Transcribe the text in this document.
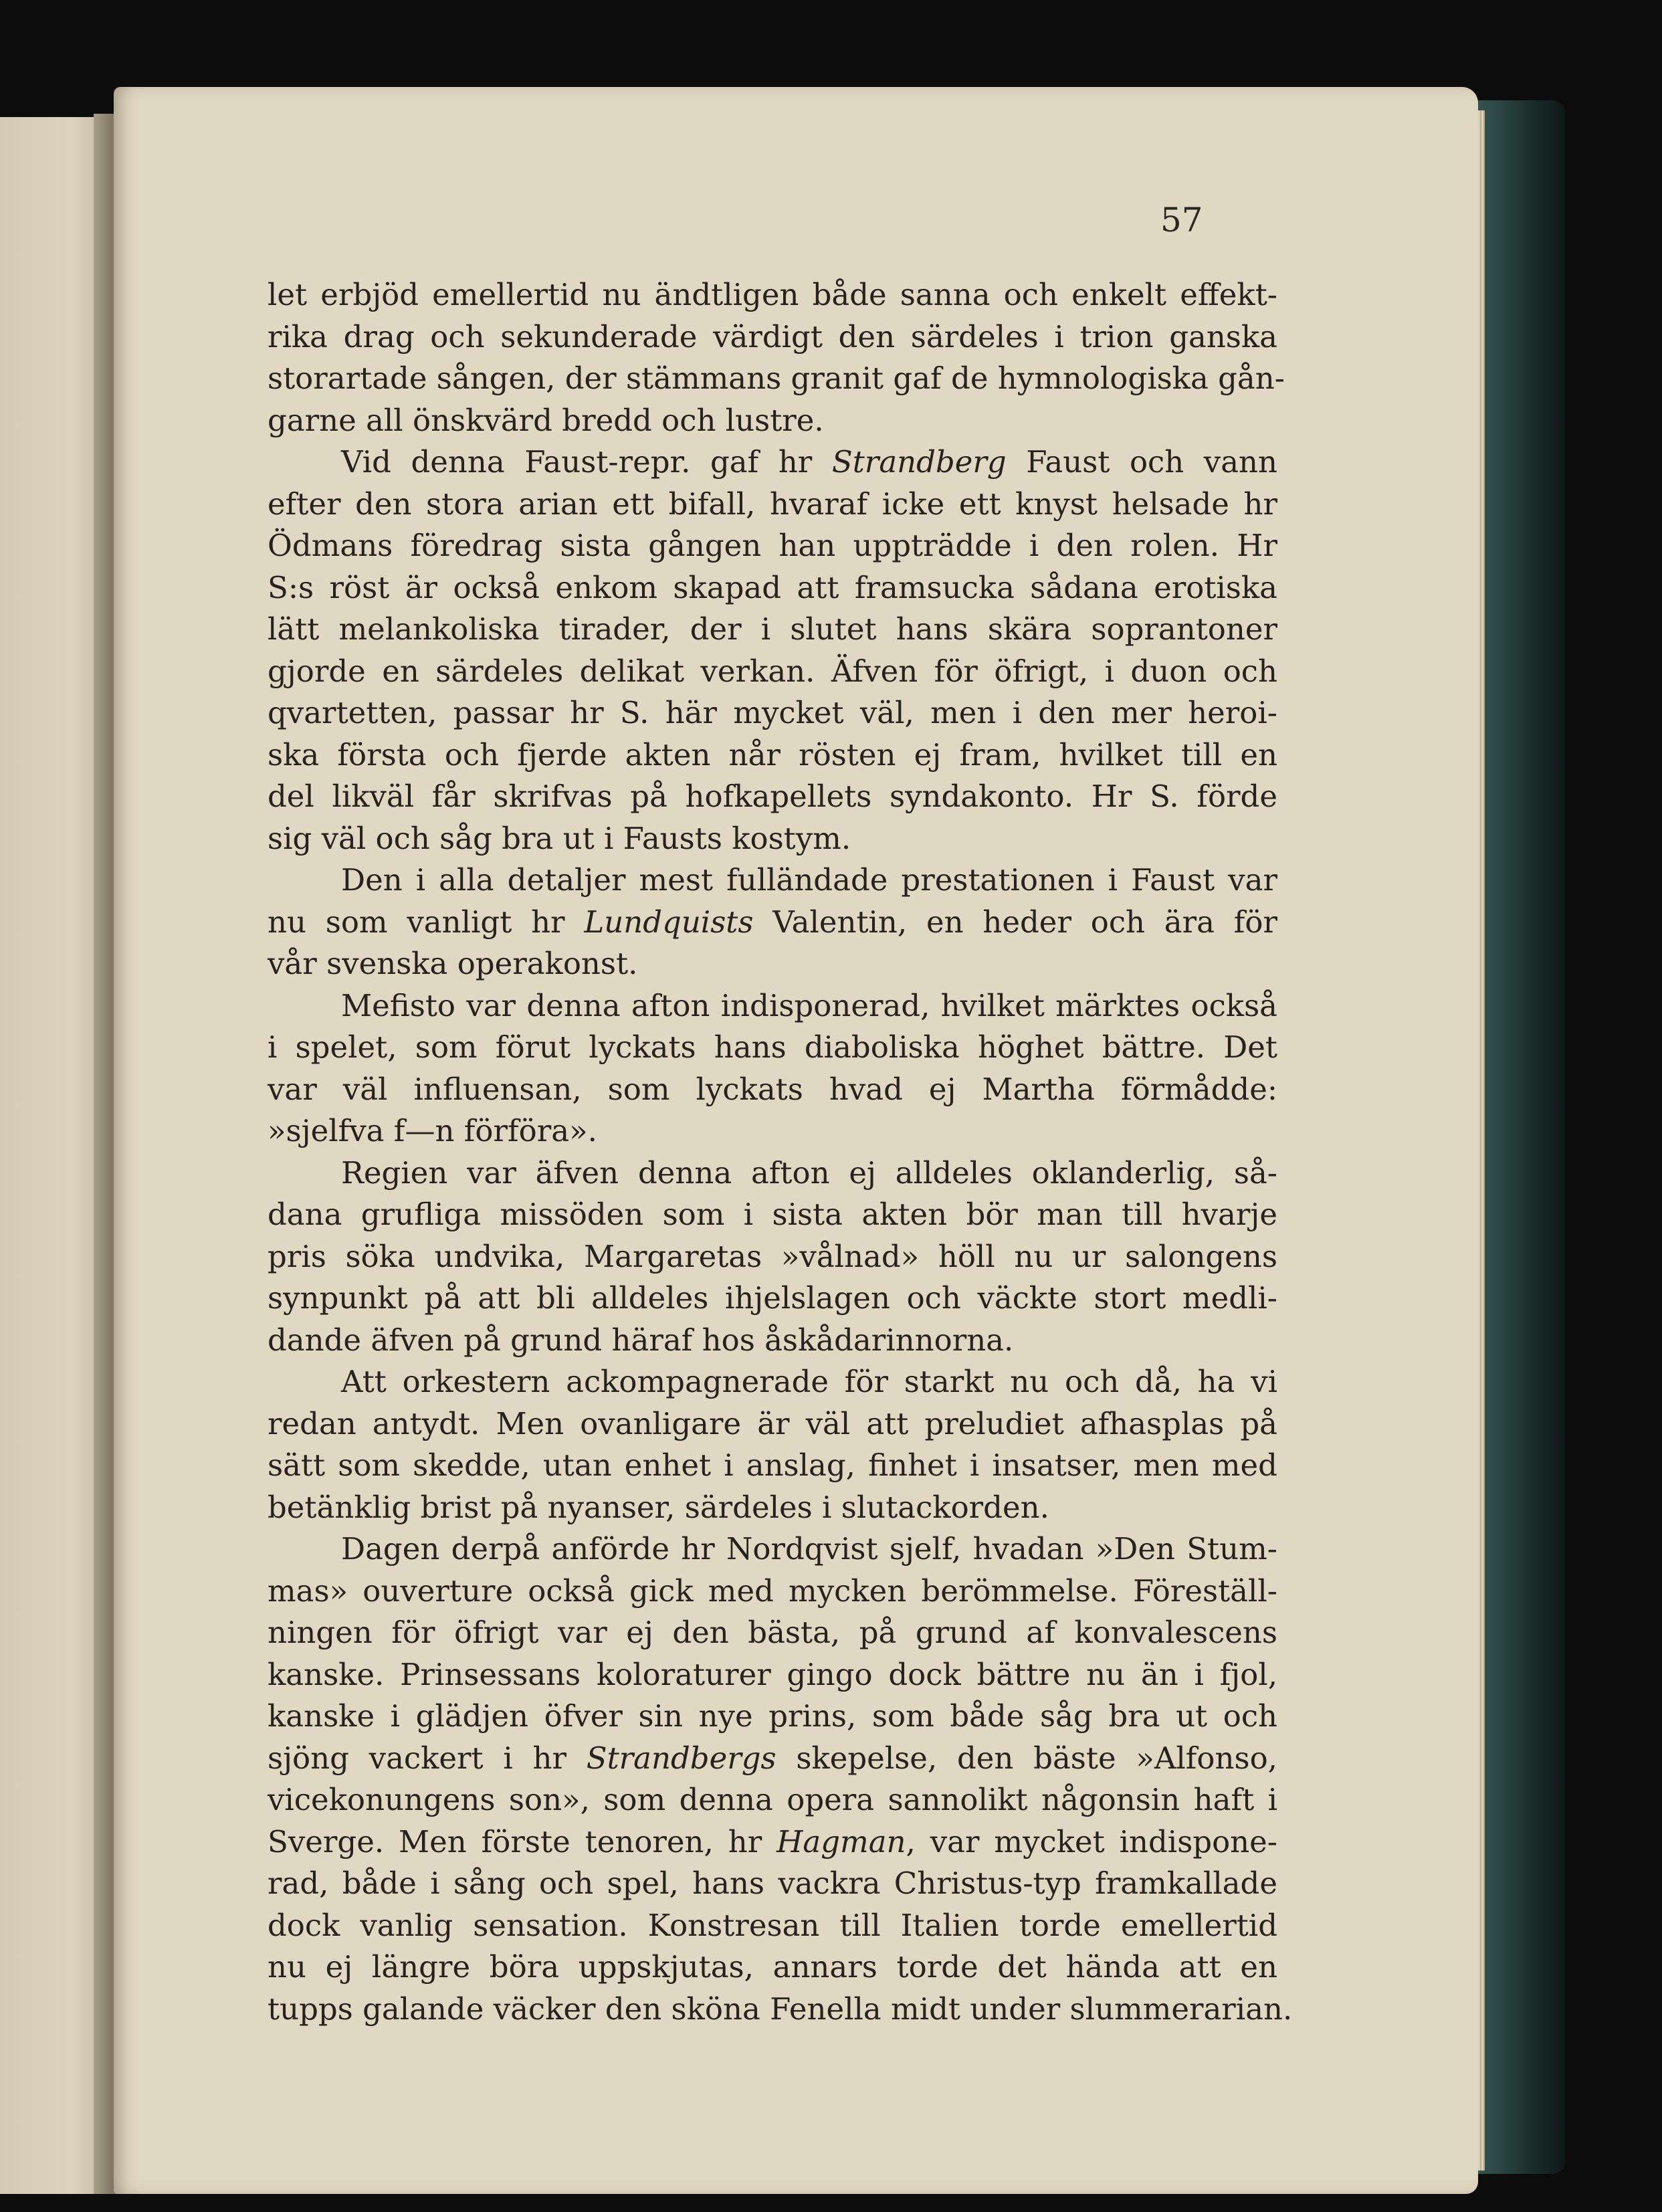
57

let erbjöd emellertid nu ändtligen både sanna och enkelt effekt-
rika drag och sekunderade värdigt den särdeles i trion ganska
storartade sången, der stämmans granit gaf de hymnologiska gån-
garne all önskvärd bredd och lustre.
Vid denna Faust-repr. gaf hr Strandberg Faust och vann
efter den stora arian ett bifall, hvaraf icke ett knyst helsade hr
Ödmans föredrag sista gången han uppträdde i den rolen. Hr
S:s röst är också enkom skapad att framsucka sådana erotiska
lätt melankoliska tirader, der i slutet hans skära soprantoner
gjorde en särdeles delikat verkan. Äfven för öfrigt, i duon och
qvartetten, passar hr S. här mycket väl, men i den mer heroi-
ska första och fjerde akten når rösten ej fram, hvilket till en
del likväl får skrifvas på hofkapellets syndakonto. Hr S. förde
sig väl och såg bra ut i Fausts kostym.
Den i alla detaljer mest fulländade prestationen i Faust var
nu som vanligt hr Lundquists Valentin, en heder och ära för
vår svenska operakonst.
Mefisto var denna afton indisponerad, hvilket märktes också
i spelet, som förut lyckats hans diaboliska höghet bättre. Det
var väl influensan, som lyckats hvad ej Martha förmådde:
»sjelfva f—n förföra».
Regien var äfven denna afton ej alldeles oklanderlig, så-
dana grufliga missöden som i sista akten bör man till hvarje
pris söka undvika, Margaretas »vålnad» höll nu ur salongens
synpunkt på att bli alldeles ihjelslagen och väckte stort medli-
dande äfven på grund häraf hos åskådarinnorna.
Att orkestern ackompagnerade för starkt nu och då, ha vi
redan antydt. Men ovanligare är väl att preludiet afhasplas på
sätt som skedde, utan enhet i anslag, finhet i insatser, men med
betänklig brist på nyanser, särdeles i slutackorden.
Dagen derpå anförde hr Nordqvist sjelf, hvadan »Den Stum-
mas» ouverture också gick med mycken berömmelse. Föreställ-
ningen för öfrigt var ej den bästa, på grund af konvalescens
kanske. Prinsessans koloraturer gingo dock bättre nu än i fjol,
kanske i glädjen öfver sin nye prins, som både såg bra ut och
sjöng vackert i hr Strandbergs skepelse, den bäste »Alfonso,
vicekonungens son», som denna opera sannolikt någonsin haft i
Sverge. Men förste tenoren, hr Hagman, var mycket indispone-
rad, både i sång och spel, hans vackra Christus-typ framkallade
dock vanlig sensation. Konstresan till Italien torde emellertid
nu ej längre böra uppskjutas, annars torde det hända att en
tupps galande väcker den sköna Fenella midt under slummerarian.
